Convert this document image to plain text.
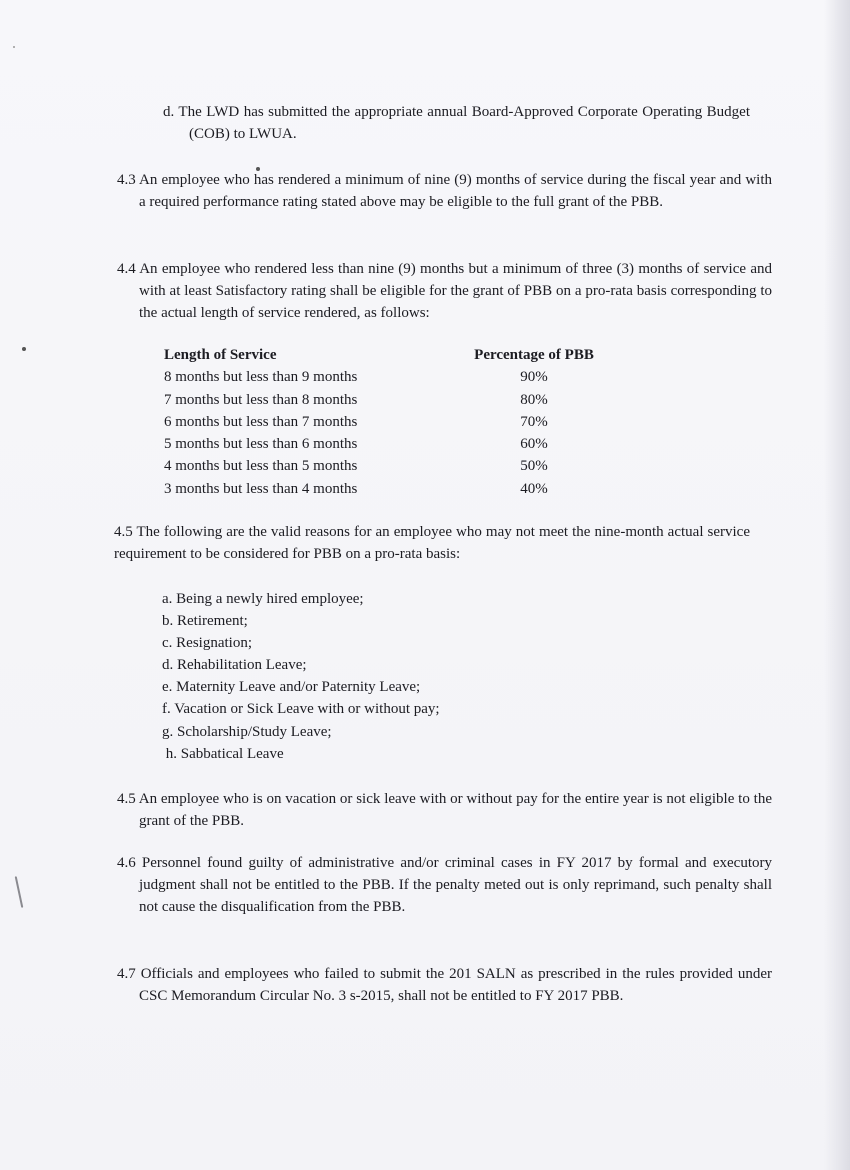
d. The LWD has submitted the appropriate annual Board-Approved Corporate Operating Budget (COB) to LWUA.
4.3 An employee who has rendered a minimum of nine (9) months of service during the fiscal year and with a required performance rating stated above may be eligible to the full grant of the PBB.
4.4 An employee who rendered less than nine (9) months but a minimum of three (3) months of service and with at least Satisfactory rating shall be eligible for the grant of PBB on a pro-rata basis corresponding to the actual length of service rendered, as follows:
Length of Service	Percentage of PBB
8 months but less than 9 months	90%
7 months but less than 8 months	80%
6 months but less than 7 months	70%
5 months but less than 6 months	60%
4 months but less than 5 months	50%
3 months but less than 4 months	40%
4.5 The following are the valid reasons for an employee who may not meet the nine-month actual service requirement to be considered for PBB on a pro-rata basis:
a. Being a newly hired employee;
b. Retirement;
c. Resignation;
d. Rehabilitation Leave;
e. Maternity Leave and/or Paternity Leave;
f. Vacation or Sick Leave with or without pay;
g. Scholarship/Study Leave;
h. Sabbatical Leave
4.5 An employee who is on vacation or sick leave with or without pay for the entire year is not eligible to the grant of the PBB.
4.6 Personnel found guilty of administrative and/or criminal cases in FY 2017 by formal and executory judgment shall not be entitled to the PBB. If the penalty meted out is only reprimand, such penalty shall not cause the disqualification from the PBB.
4.7 Officials and employees who failed to submit the 201 SALN as prescribed in the rules provided under CSC Memorandum Circular No. 3 s-2015, shall not be entitled to FY 2017 PBB.
